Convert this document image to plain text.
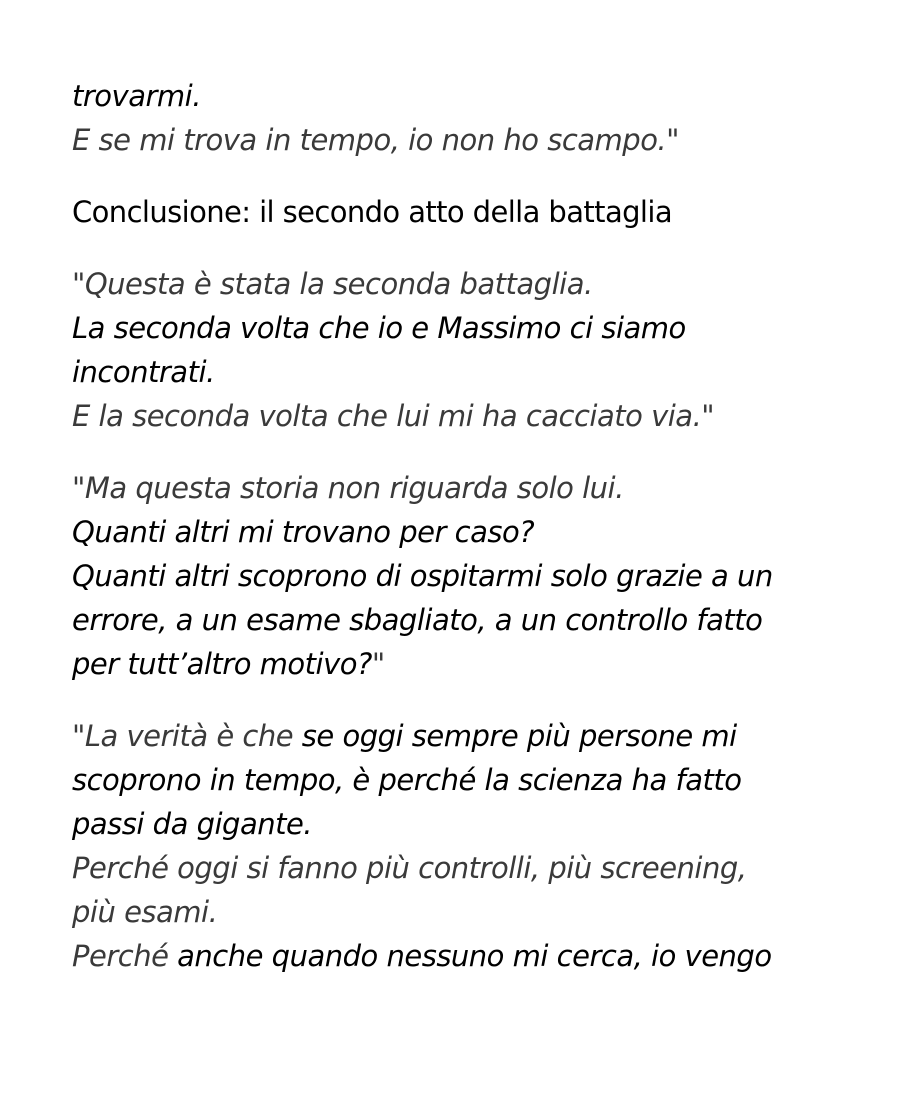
trovarmi.
E se mi trova in tempo, io non ho scampo."
Conclusione: il secondo atto della battaglia
"Questa è stata la seconda battaglia.
La seconda volta che io e Massimo ci siamo
incontrati.
E la seconda volta che lui mi ha cacciato via."
"Ma questa storia non riguarda solo lui.
Quanti altri mi trovano per caso?
Quanti altri scoprono di ospitarmi solo grazie a un
errore, a un esame sbagliato, a un controllo fatto
per tutt’altro motivo?"
"La verità è che se oggi sempre più persone mi
scoprono in tempo, è perché la scienza ha fatto
passi da gigante.
Perché oggi si fanno più controlli, più screening,
più esami.
Perché anche quando nessuno mi cerca, io vengo
